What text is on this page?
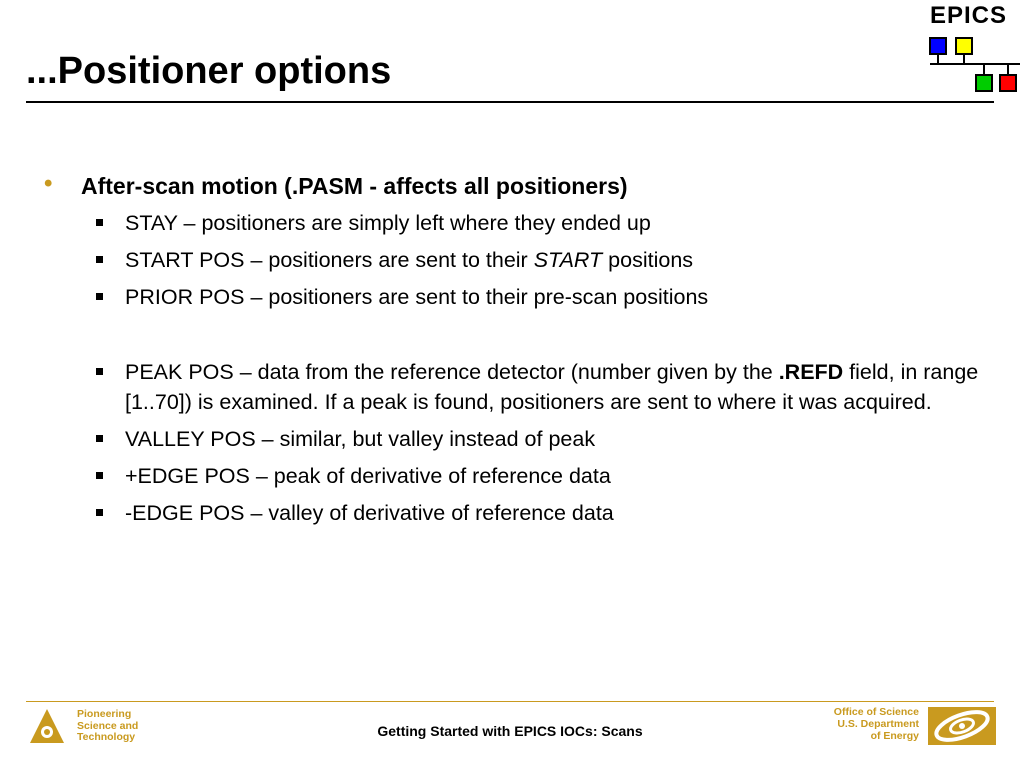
...Positioner options
EPICS

• After-scan motion (.PASM - affects all positioners)

STAY – positioners are simply left where they ended up

START POS – positioners are sent to their START positions

PRIOR POS – positioners are sent to their pre-scan positions

PEAK POS – data from the reference detector (number given by the .REFD field, in range [1..70]) is examined. If a peak is found, positioners are sent to where it was acquired.

VALLEY POS – similar, but valley instead of peak

+EDGE POS – peak of derivative of reference data

-EDGE POS – valley of derivative of reference data

Pioneering
Science and
Technology	Getting Started with EPICS IOCs: Scans
Office of Science
U.S. Department
of Energy
